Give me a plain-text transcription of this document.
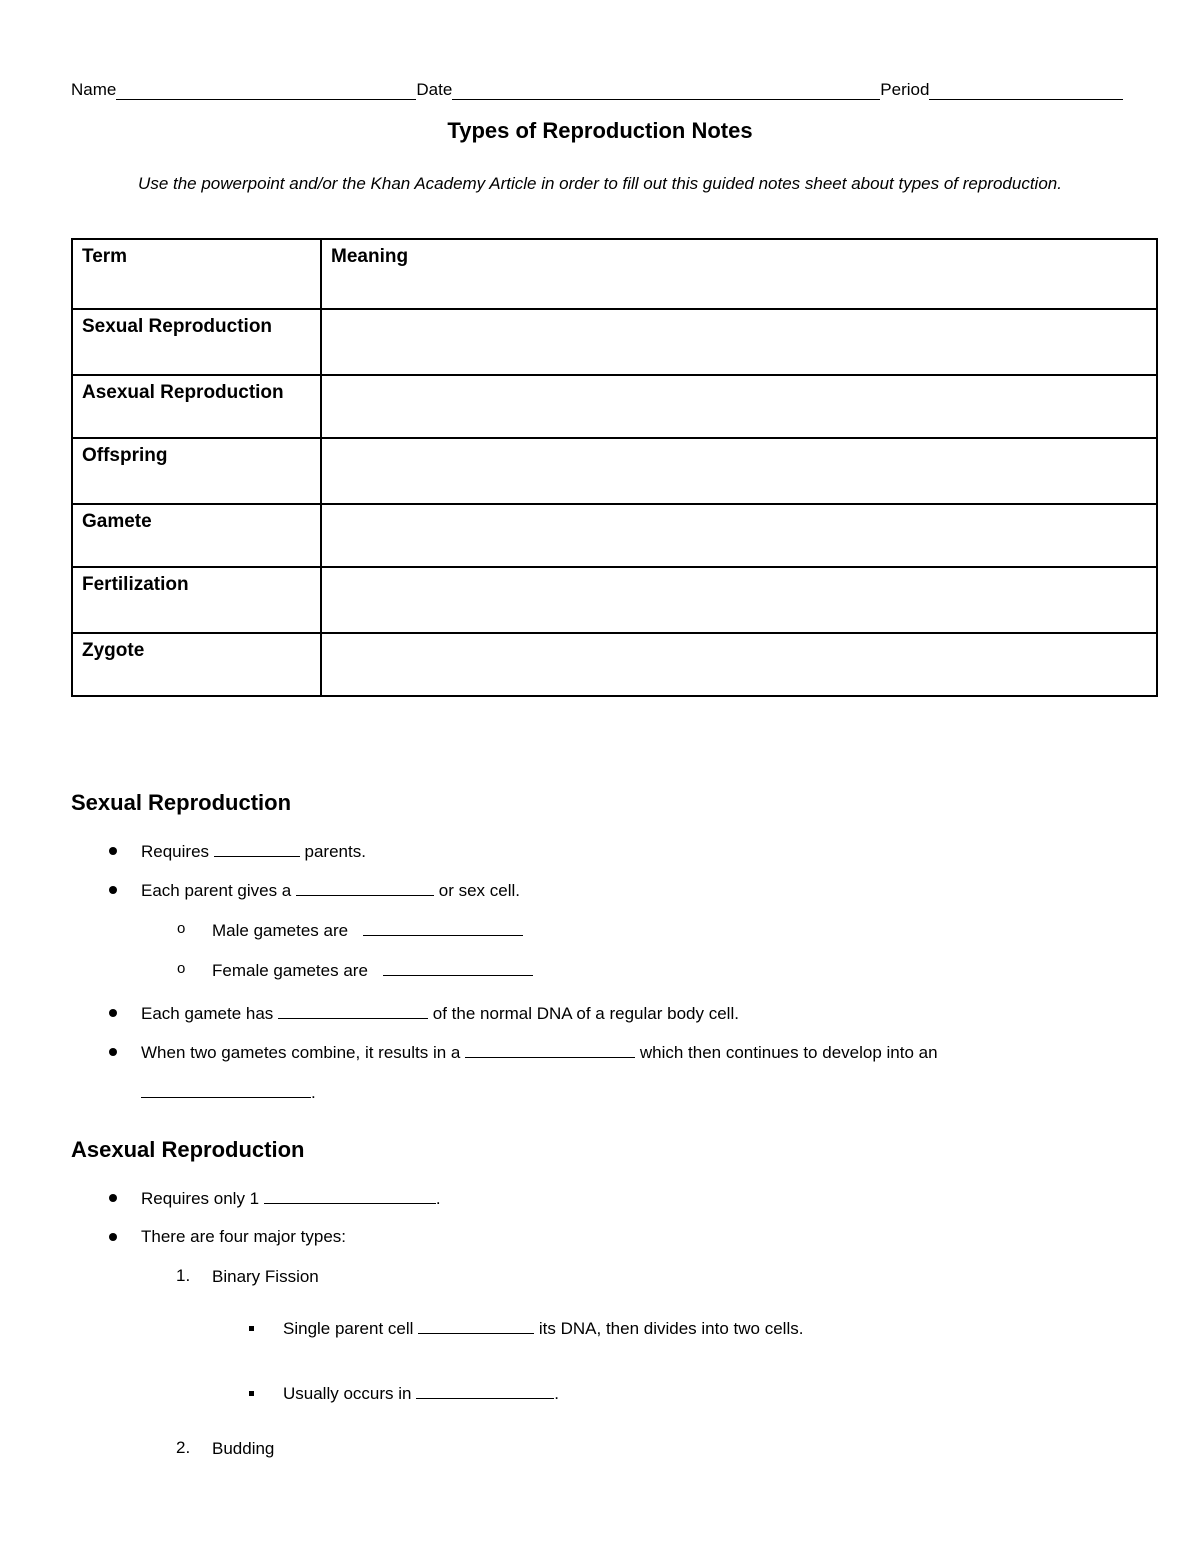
Name	Date	Period
Types of Reproduction Notes
Use the powerpoint and/or the Khan Academy Article in order to fill out this guided notes sheet about types of reproduction.
Term	Meaning
Sexual Reproduction	
Asexual Reproduction	
Offspring	
Gamete	
Fertilization	
Zygote	
Sexual Reproduction
Requires	parents.
Each parent gives a	or sex cell.
o Male gametes are
o Female gametes are
Each gamete has	of the normal DNA of a regular body cell.
When two gametes combine, it results in a	which then continues to develop into an
.
Asexual Reproduction
Requires only 1	.
There are four major types:
1. Binary Fission
Single parent cell	its DNA, then divides into two cells.
Usually occurs in	.
2. Budding
